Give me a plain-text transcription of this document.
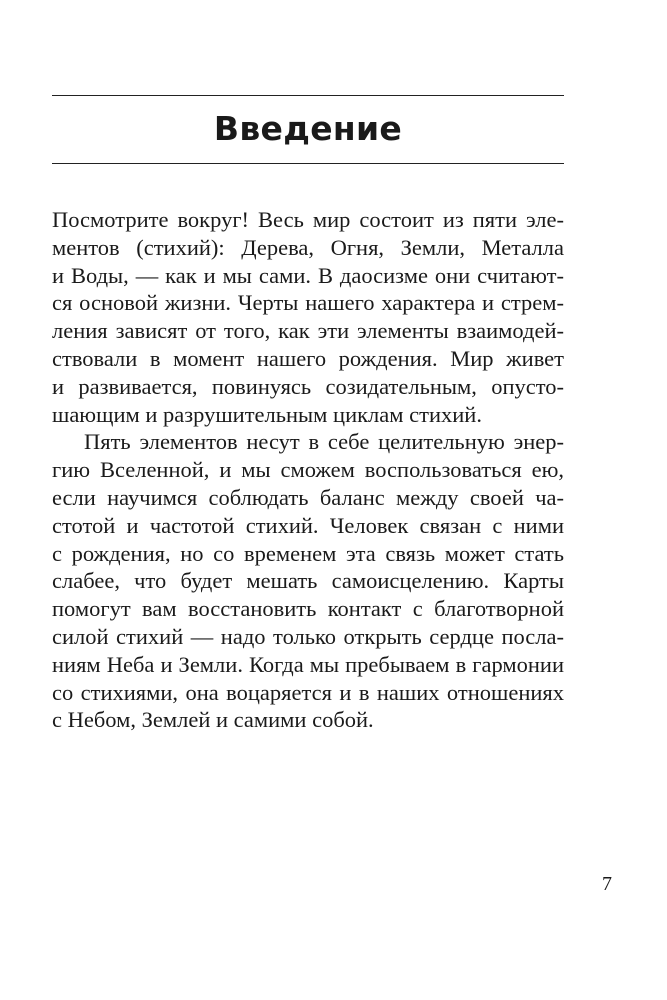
Введение
Посмотрите вокруг! Весь мир состоит из пяти эле-
ментов (стихий): Дерева, Огня, Земли, Металла
и Воды, — как и мы сами. В даосизме они считают-
ся основой жизни. Черты нашего характера и стрем-
ления зависят от того, как эти элементы взаимодей-
ствовали в момент нашего рождения. Мир живет
и развивается, повинуясь созидательным, опусто-
шающим и разрушительным циклам стихий.
Пять элементов несут в себе целительную энер-
гию Вселенной, и мы сможем воспользоваться ею,
если научимся соблюдать баланс между своей ча-
стотой и частотой стихий. Человек связан с ними
с рождения, но со временем эта связь может стать
слабее, что будет мешать самоисцелению. Карты
помогут вам восстановить контакт с благотворной
силой стихий — надо только открыть сердце посла-
ниям Неба и Земли. Когда мы пребываем в гармонии
со стихиями, она воцаряется и в наших отношениях
с Небом, Землей и самими собой.
7
